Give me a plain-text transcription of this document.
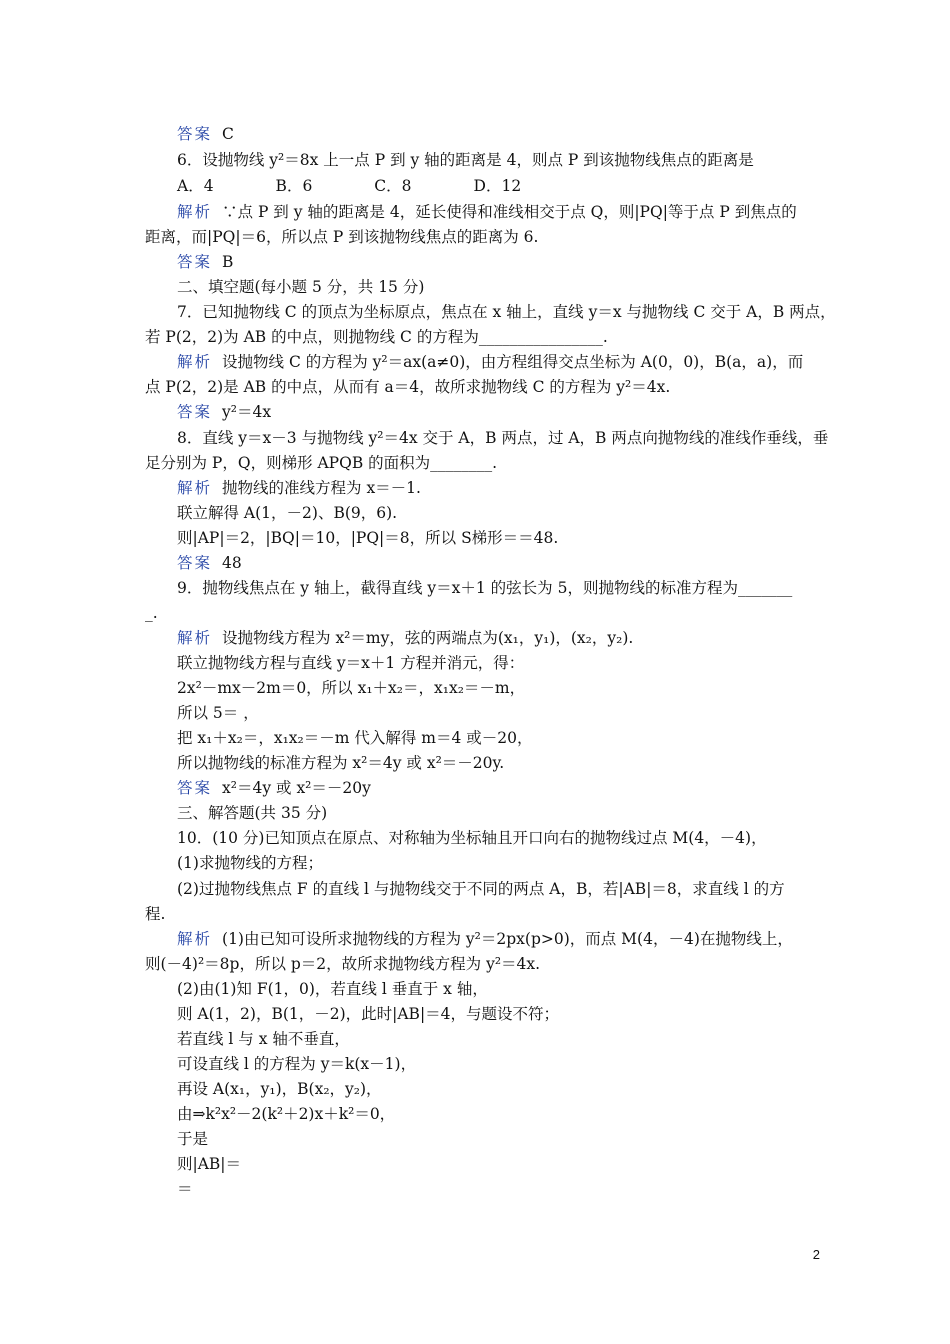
答案 C
6．设抛物线 y²＝8x 上一点 P 到 y 轴的距离是 4，则点 P 到该抛物线焦点的距离是
A．4　　　　B．6　　　　C．8　　　　D．12
解析 ∵点 P 到 y 轴的距离是 4，延长使得和准线相交于点 Q，则|PQ|等于点 P 到焦点的
距离，而|PQ|＝6，所以点 P 到该抛物线焦点的距离为 6.
答案 B
二、填空题(每小题 5 分，共 15 分)
7．已知抛物线 C 的顶点为坐标原点，焦点在 x 轴上，直线 y＝x 与抛物线 C 交于 A，B 两点，
若 P(2，2)为 AB 的中点，则抛物线 C 的方程为________________.
解析 设抛物线 C 的方程为 y²＝ax(a≠0)，由方程组得交点坐标为 A(0，0)，B(a，a)，而
点 P(2，2)是 AB 的中点，从而有 a＝4，故所求抛物线 C 的方程为 y²＝4x.
答案 y²＝4x
8．直线 y＝x－3 与抛物线 y²＝4x 交于 A，B 两点，过 A，B 两点向抛物线的准线作垂线，垂
足分别为 P，Q，则梯形 APQB 的面积为________.
解析 抛物线的准线方程为 x＝－1.
联立解得 A(1，－2)、B(9，6).
则|AP|＝2，|BQ|＝10，|PQ|＝8，所以 S梯形＝＝48.
答案 48
9．抛物线焦点在 y 轴上，截得直线 y＝x＋1 的弦长为 5，则抛物线的标准方程为_______
_.
解析 设抛物线方程为 x²＝my，弦的两端点为(x₁，y₁)，(x₂，y₂).
联立抛物线方程与直线 y＝x＋1 方程并消元，得：
2x²－mx－2m＝0，所以 x₁＋x₂＝，x₁x₂＝－m，
所以 5＝ ，
把 x₁＋x₂＝，x₁x₂＝－m 代入解得 m＝4 或－20，
所以抛物线的标准方程为 x²＝4y 或 x²＝－20y.
答案 x²＝4y 或 x²＝－20y
三、解答题(共 35 分)
10．(10 分)已知顶点在原点、对称轴为坐标轴且开口向右的抛物线过点 M(4，－4)，
(1)求抛物线的方程；
(2)过抛物线焦点 F 的直线 l 与抛物线交于不同的两点 A，B，若|AB|＝8，求直线 l 的方
程.
解析 (1)由已知可设所求抛物线的方程为 y²＝2px(p>0)，而点 M(4，－4)在抛物线上，
则(－4)²＝8p，所以 p＝2，故所求抛物线方程为 y²＝4x.
(2)由(1)知 F(1，0)，若直线 l 垂直于 x 轴，
则 A(1，2)，B(1，－2)，此时|AB|＝4，与题设不符；
若直线 l 与 x 轴不垂直，
可设直线 l 的方程为 y＝k(x－1)，
再设 A(x₁，y₁)，B(x₂，y₂)，
由⇒k²x²－2(k²＋2)x＋k²＝0，
于是
则|AB|＝
＝
2
